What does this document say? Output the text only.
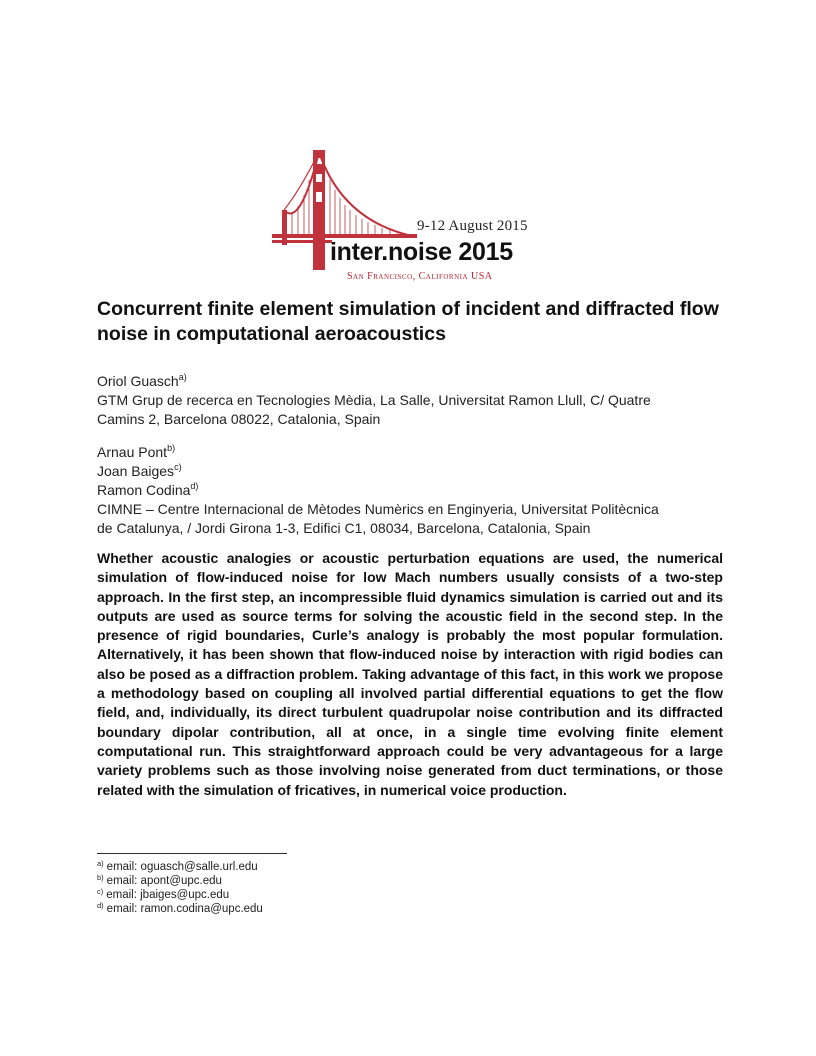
9-12 August 2015
inter.noise 2015
San Francisco, California USA
Concurrent finite element simulation of incident and diffracted flow noise in computational aeroacoustics
Oriol Guasch$^{a)}$
GTM Grup de recerca en Tecnologies Mèdia, La Salle, Universitat Ramon Llull, C/ Quatre
Camins 2, Barcelona 08022, Catalonia, Spain
Arnau Pont$^{b)}$
Joan Baiges$^{c)}$
Ramon Codina$^{d)}$
CIMNE – Centre Internacional de Mètodes Numèrics en Enginyeria, Universitat Politècnica
de Catalunya, / Jordi Girona 1-3, Edifici C1, 08034, Barcelona, Catalonia, Spain

Whether acoustic analogies or acoustic perturbation equations are used, the numerical simulation of flow-induced noise for low Mach numbers usually consists of a two-step approach. In the first step, an incompressible fluid dynamics simulation is carried out and its outputs are used as source terms for solving the acoustic field in the second step. In the presence of rigid boundaries, Curle’s analogy is probably the most popular formulation. Alternatively, it has been shown that flow-induced noise by interaction with rigid bodies can also be posed as a diffraction problem. Taking advantage of this fact, in this work we propose a methodology based on coupling all involved partial differential equations to get the flow field, and, individually, its direct turbulent quadrupolar noise contribution and its diffracted boundary dipolar contribution, all at once, in a single time evolving finite element computational run. This straightforward approach could be very advantageous for a large variety problems such as those involving noise generated from duct terminations, or those related with the simulation of fricatives, in numerical voice production.

$^{a)}$ email: oguasch@salle.url.edu
$^{b)}$ email: apont@upc.edu
$^{c)}$ email: jbaiges@upc.edu
$^{d)}$ email: ramon.codina@upc.edu
